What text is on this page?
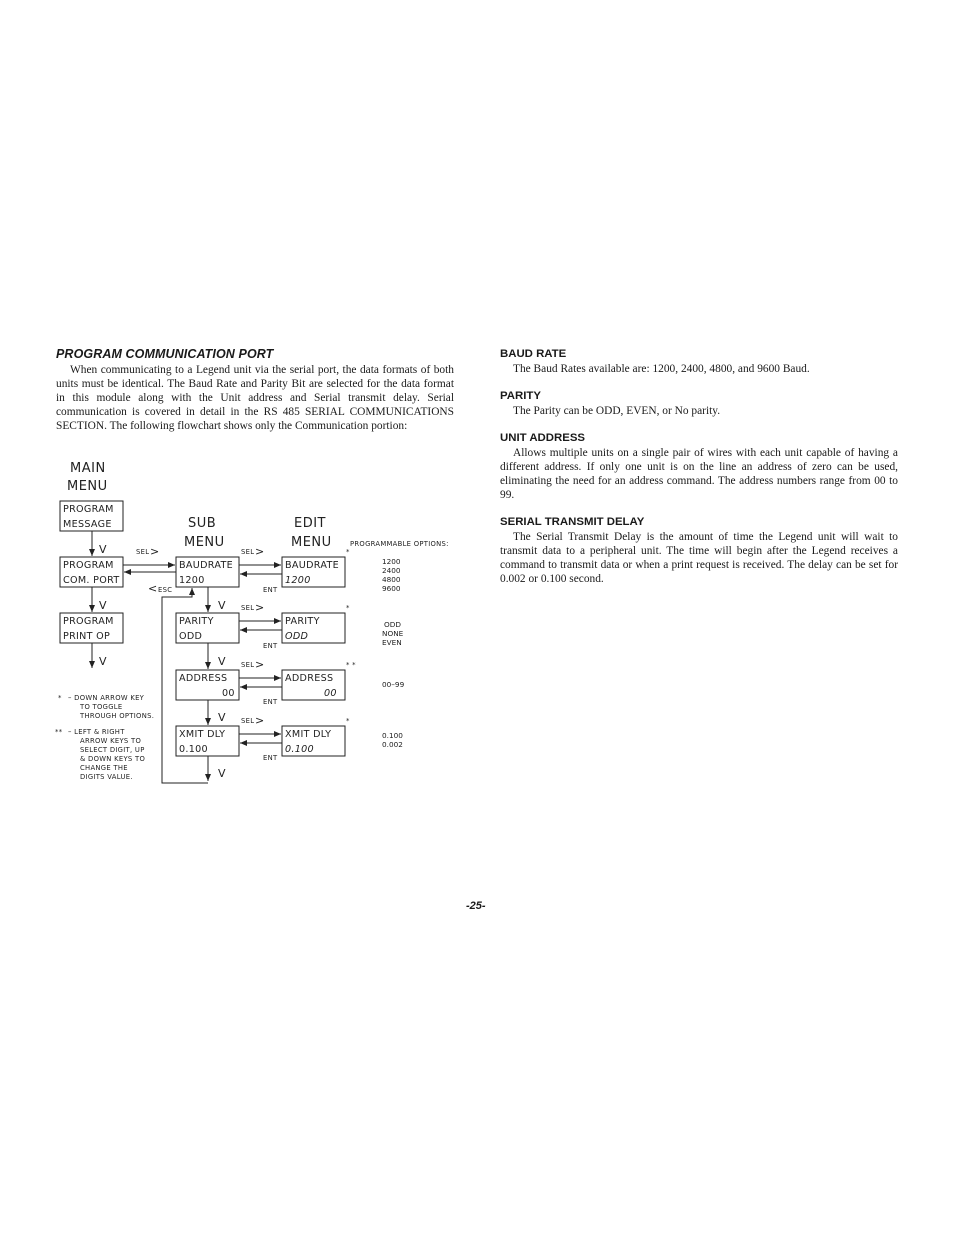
PROGRAM COMMUNICATION PORT

When communicating to a Legend unit via the serial port, the data formats of both units must be identical. The Baud Rate and Parity Bit are selected for the data format in this module along with the Unit address and Serial transmit delay. Serial communication is covered in detail in the RS 485 SERIAL COMMUNICATIONS SECTION. The following flowchart shows only the Communication portion:

MAIN
MENU
SUB
MENU
EDIT
MENU	PROGRAMMABLE OPTIONS:
PROGRAM
MESSAGE
PROGRAM
COM. PORT
PROGRAM
PRINT OP
V
V
V
BAUDRATE
1200
PARITY
ODD
ADDRESS
00
XMIT DLY
0.100
BAUDRATE
1200
PARITY
ODD
ADDRESS
00
XMIT DLY
0.100
SEL >
< ESC
SEL >
ENT
SEL >
ENT
SEL >
ENT
SEL >
ENT
V
V
V
V
*
*
* *
*
1200
2400
4800
9600
ODD
NONE
EVEN
00–99
0.100
0.002
* – DOWN ARROW KEY
TO TOGGLE
THROUGH OPTIONS.
** – LEFT & RIGHT
ARROW KEYS TO
SELECT DIGIT, UP
& DOWN KEYS TO
CHANGE THE
DIGITS VALUE.
BAUD RATE

The Baud Rates available are: 1200, 2400, 4800, and 9600 Baud.

PARITY

The Parity can be ODD, EVEN, or No parity.

UNIT ADDRESS

Allows multiple units on a single pair of wires with each unit capable of having a different address. If only one unit is on the line an address of zero can be used, eliminating the need for an address command. The address numbers range from 00 to 99.

SERIAL TRANSMIT DELAY

The Serial Transmit Delay is the amount of time the Legend unit will wait to transmit data to a peripheral unit. The time will begin after the Legend receives a command to transmit data or when a print request is received. The delay can be set for 0.002 or 0.100 second.

-25-
